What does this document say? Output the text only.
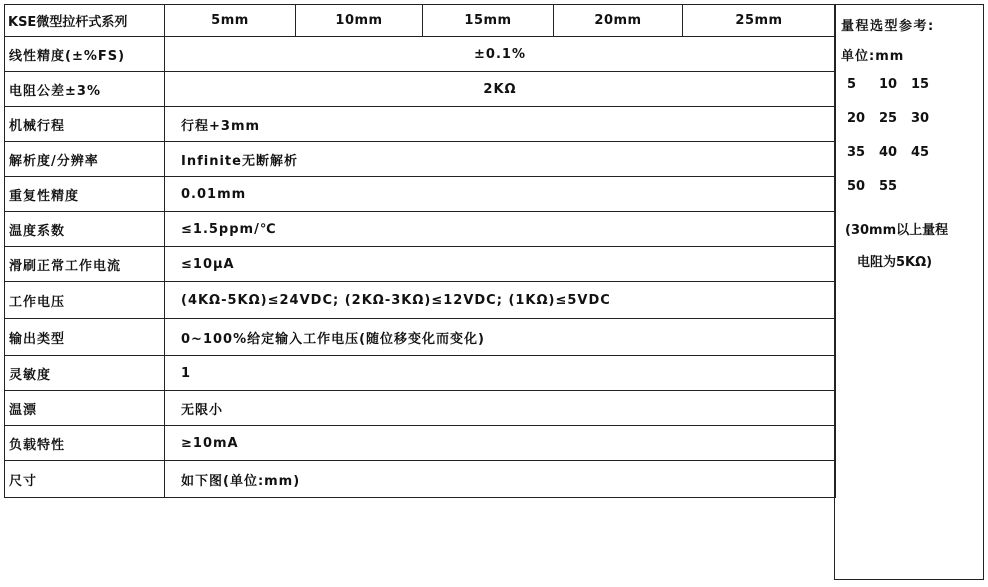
KSE微型拉杆式系列	5mm	10mm	15mm	20mm	25mm
线性精度(±%FS)	±0.1%				
电阻公差±3%	2KΩ				
机械行程	行程+3mm				
解析度/分辨率	Infinite无断解析				
重复性精度	0.01mm				
温度系数	≤1.5ppm/℃				
滑刷正常工作电流	≤10μA				
工作电压	(4KΩ-5KΩ)≤24VDC; (2KΩ-3KΩ)≤12VDC; (1KΩ)≤5VDC				
输出类型	0~100%给定输入工作电压(随位移变化而变化)				
灵敏度	1				
温漂	无限小				
负载特性	≥10mA				
尺寸	如下图(单位:mm)				
量程选型参考:
单位:mm
5 10 15
20 25 30
35 40 45
50 55
(30mm以上量程
电阻为5KΩ)
